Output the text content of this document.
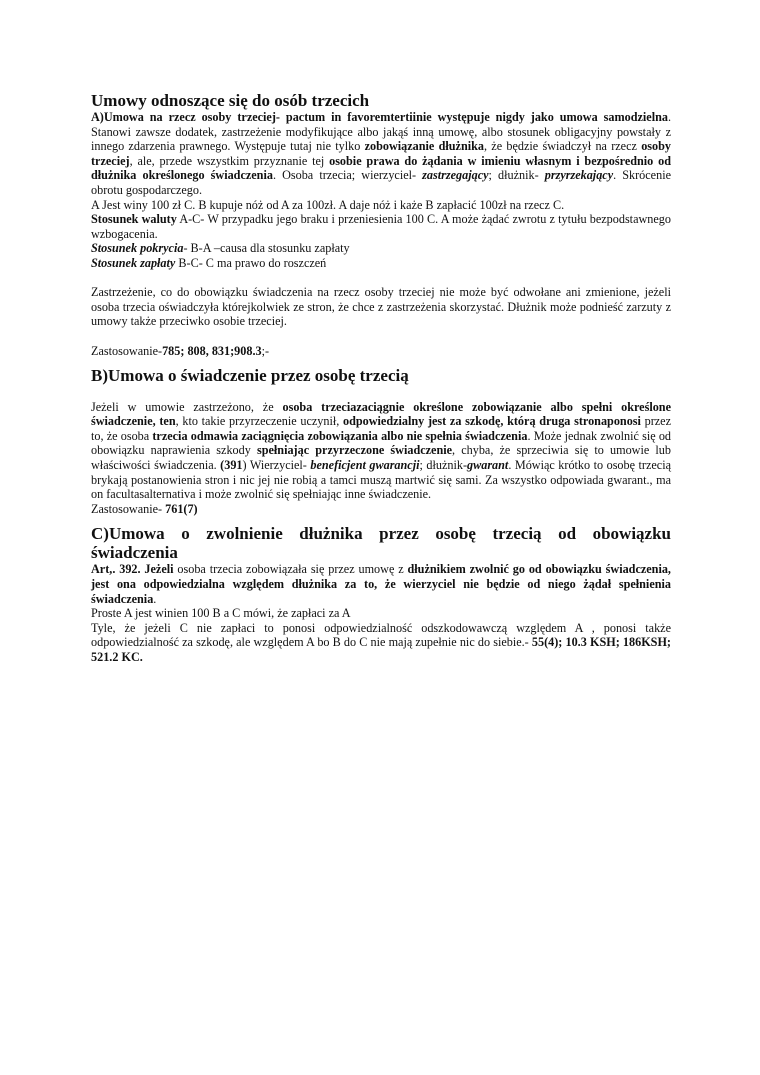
Umowy odnoszące się do osób trzecich

A)Umowa na rzecz osoby trzeciej- pactum in favoremtertiinie występuje nigdy jako umowa samodzielna. Stanowi zawsze dodatek, zastrzeżenie modyfikujące albo jakąś inną umowę, albo stosunek obligacyjny powstały z innego zdarzenia prawnego. Występuje tutaj nie tylko zobowiązanie dłużnika, że będzie świadczył na rzecz osoby trzeciej, ale, przede wszystkim przyznanie tej osobie prawa do żądania w imieniu własnym i bezpośrednio od dłużnika określonego świadczenia. Osoba trzecia; wierzyciel- zastrzegający; dłużnik- przyrzekający. Skrócenie obrotu gospodarczego.

A Jest winy 100 zł C. B kupuje nóż od A za 100zł. A daje nóż i każe B zapłacić 100zł na rzecz C.

Stosunek waluty A-C- W przypadku jego braku i przeniesienia 100 C. A może żądać zwrotu z tytułu bezpodstawnego wzbogacenia.

Stosunek pokrycia- B-A –causa dla stosunku zapłaty

Stosunek zapłaty B-C- C ma prawo do roszczeń

Zastrzeżenie, co do obowiązku świadczenia na rzecz osoby trzeciej nie może być odwołane ani zmienione, jeżeli osoba trzecia oświadczyła którejkolwiek ze stron, że chce z zastrzeżenia skorzystać. Dłużnik może podnieść zarzuty z umowy także przeciwko osobie trzeciej.

Zastosowanie-785; 808, 831;908.3;-

B)Umowa o świadczenie przez osobę trzecią

Jeżeli w umowie zastrzeżono, że osoba trzeciazaciągnie określone zobowiązanie albo spełni określone świadczenie, ten, kto takie przyrzeczenie uczynił, odpowiedzialny jest za szkodę, którą druga stronaponosi przez to, że osoba trzecia odmawia zaciągnięcia zobowiązania albo nie spełnia świadczenia. Może jednak zwolnić się od obowiązku naprawienia szkody spełniając przyrzeczone świadczenie, chyba, że sprzeciwia się to umowie lub właściwości świadczenia. (391) Wierzyciel- beneficjent gwarancji; dłużnik-gwarant. Mówiąc krótko to osobę trzecią brykają postanowienia stron i nic jej nie robią a tamci muszą martwić się sami. Za wszystko odpowiada gwarant., ma on facultasalternativa i może zwolnić się spełniając inne świadczenie.

Zastosowanie- 761(7)

C)Umowa o zwolnienie dłużnika przez osobę trzecią od obowiązku świadczenia

Art,. 392. Jeżeli osoba trzecia zobowiązała się przez umowę z dłużnikiem zwolnić go od obowiązku świadczenia, jest ona odpowiedzialna względem dłużnika za to, że wierzyciel nie będzie od niego żądał spełnienia świadczenia.

Proste A jest winien 100 B a C mówi, że zapłaci za A

Tyle, że jeżeli C nie zapłaci to ponosi odpowiedzialność odszkodowawczą względem A , ponosi także odpowiedzialność za szkodę, ale względem A bo B do C nie mają zupełnie nic do siebie.- 55(4); 10.3 KSH; 186KSH; 521.2 KC.
